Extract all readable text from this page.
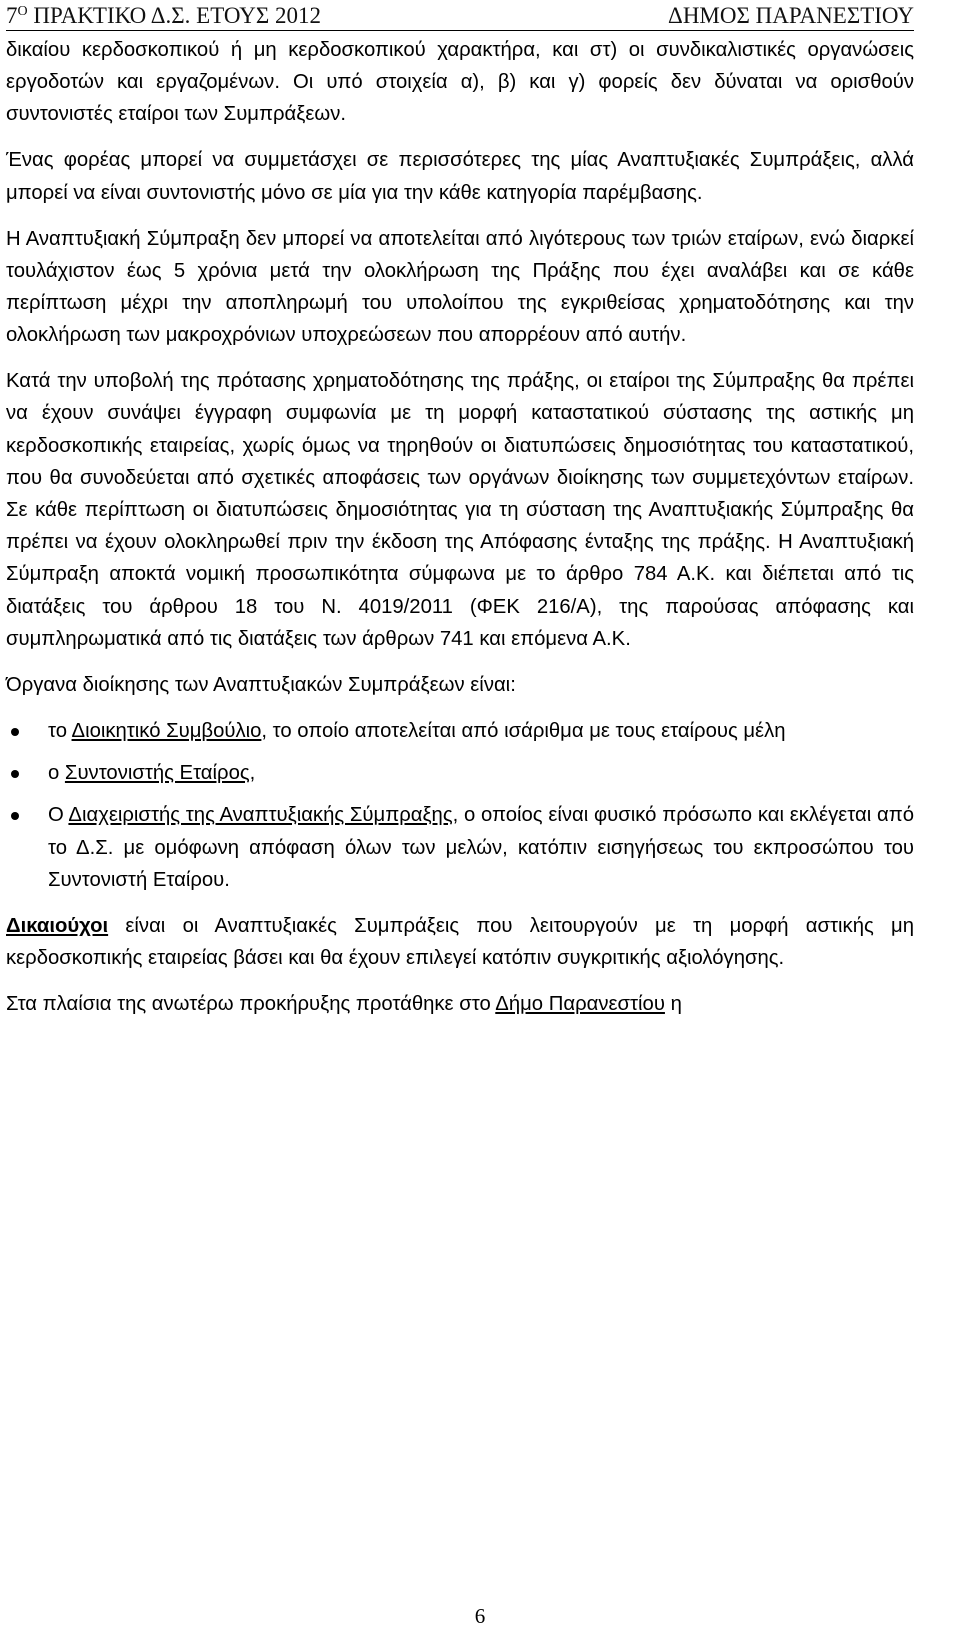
$7^O$ ΠΡΑΚΤΙΚΟ Δ.Σ. ΕΤΟΥΣ 2012	ΔΗΜΟΣ ΠΑΡΑΝΕΣΤΙΟΥ

δικαίου κερδοσκοπικού ή μη κερδοσκοπικού χαρακτήρα, και στ) οι συνδικαλιστικές οργανώσεις εργοδοτών και εργαζομένων. Οι υπό στοιχεία α), β) και γ) φορείς δεν δύναται να ορισθούν συντονιστές εταίροι των Συμπράξεων.

Ένας φορέας μπορεί να συμμετάσχει σε περισσότερες της μίας Αναπτυξιακές Συμπράξεις, αλλά μπορεί να είναι συντονιστής μόνο σε μία για την κάθε κατηγορία παρέμβασης.

Η Αναπτυξιακή Σύμπραξη δεν μπορεί να αποτελείται από λιγότερους των τριών εταίρων, ενώ διαρκεί τουλάχιστον έως 5 χρόνια μετά την ολοκλήρωση της Πράξης που έχει αναλάβει και σε κάθε περίπτωση μέχρι την αποπληρωμή του υπολοίπου της εγκριθείσας χρηματοδότησης και την ολοκλήρωση των μακροχρόνιων υποχρεώσεων που απορρέουν από αυτήν.

Κατά την υποβολή της πρότασης χρηματοδότησης της πράξης, οι εταίροι της Σύμπραξης θα πρέπει να έχουν συνάψει έγγραφη συμφωνία με τη μορφή καταστατικού σύστασης της αστικής μη κερδοσκοπικής εταιρείας, χωρίς όμως να τηρηθούν οι διατυπώσεις δημοσιότητας του καταστατικού, που θα συνοδεύεται από σχετικές αποφάσεις των οργάνων διοίκησης των συμμετεχόντων εταίρων. Σε κάθε περίπτωση οι διατυπώσεις δημοσιότητας για τη σύσταση της Αναπτυξιακής Σύμπραξης θα πρέπει να έχουν ολοκληρωθεί πριν την έκδοση της Απόφασης ένταξης της πράξης. Η Αναπτυξιακή Σύμπραξη αποκτά νομική προσωπικότητα σύμφωνα με το άρθρο 784 Α.Κ. και διέπεται από τις διατάξεις του άρθρου 18 του Ν. 4019/2011 (ΦΕΚ 216/Α), της παρούσας απόφασης και συμπληρωματικά από τις διατάξεις των άρθρων 741 και επόμενα Α.Κ.

Όργανα διοίκησης των Αναπτυξιακών Συμπράξεων είναι:

το Διοικητικό Συμβούλιο, το οποίο αποτελείται από ισάριθμα με τους εταίρους μέλη
ο Συντονιστής Εταίρος,
Ο Διαχειριστής της Αναπτυξιακής Σύμπραξης, ο οποίος είναι φυσικό πρόσωπο και εκλέγεται από το Δ.Σ. με ομόφωνη απόφαση όλων των μελών, κατόπιν εισηγήσεως του εκπροσώπου του Συντονιστή Εταίρου.

Δικαιούχοι είναι οι Αναπτυξιακές Συμπράξεις που λειτουργούν με τη μορφή αστικής μη κερδοσκοπικής εταιρείας βάσει και θα έχουν επιλεγεί κατόπιν συγκριτικής αξιολόγησης.

Στα πλαίσια της ανωτέρω προκήρυξης προτάθηκε στο Δήμο Παρανεστίου η

6
